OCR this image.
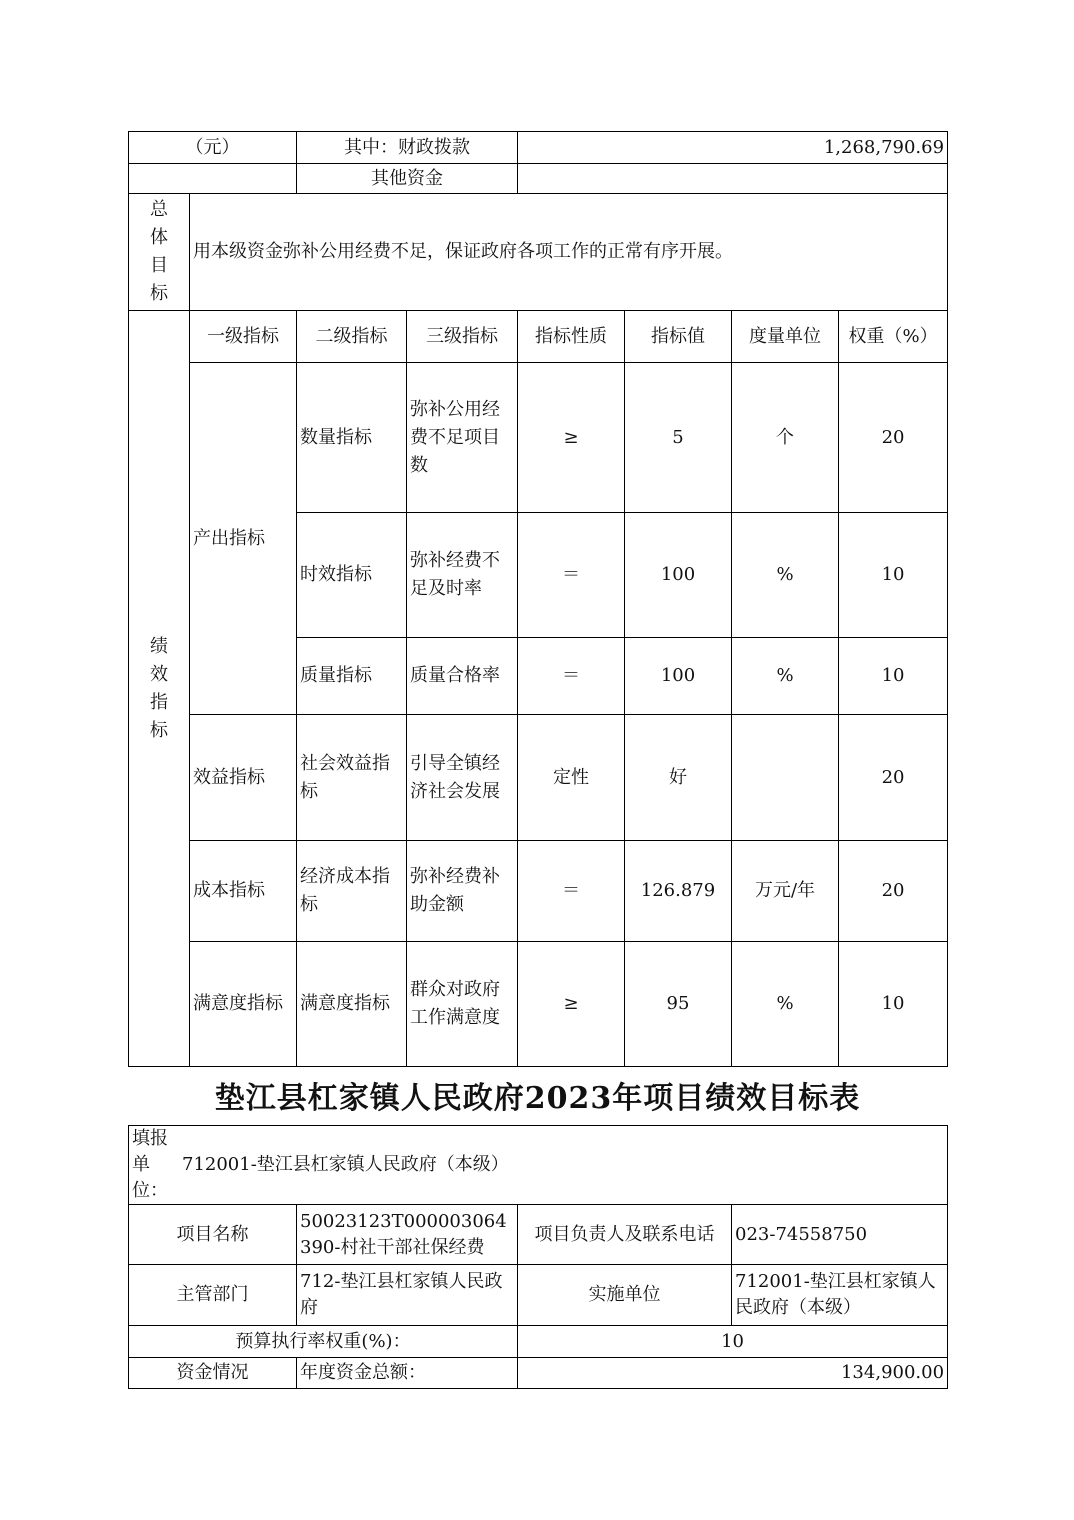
（元）		其中：财政拨款		1,268,790.69			
		其他资金					
总
体
目
标	用本级资金弥补公用经费不足，保证政府各项工作的正常有序开展。						
绩
效
指
标	一级指标	二级指标	三级指标	指标性质	指标值	度量单位	权重（%）
	产出指标	数量指标	弥补公用经费不足项目数	≥	5	个	20
		时效指标	弥补经费不足及时率	＝	100	%	10
		质量指标	质量合格率	＝	100	%	10
	效益指标	社会效益指标	引导全镇经济社会发展	定性	好		20
	成本指标	经济成本指标	弥补经费补助金额	＝	126.879	万元/年	20
	满意度指标	满意度指标	群众对政府工作满意度	≥	95	%	10
垫江县杠家镇人民政府2023年项目绩效目标表
填报单位：712001-垫江县杠家镇人民政府（本级）			
项目名称	50023123T000003064390-村社干部社保经费	项目负责人及联系电话	023-74558750
主管部门	712-垫江县杠家镇人民政府	实施单位	712001-垫江县杠家镇人民政府（本级）
预算执行率权重(%)：		10	
资金情况	年度资金总额：	134,900.00	
